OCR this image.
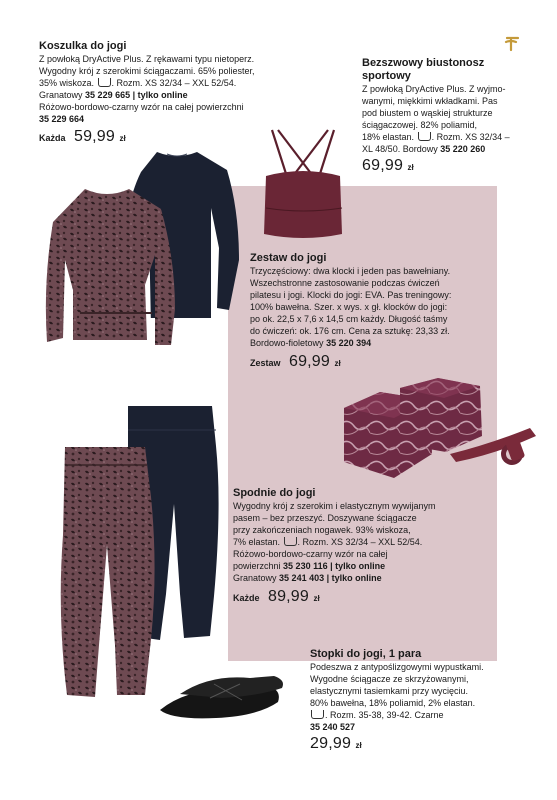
Koszulka do jogi
Z powłoką DryActive Plus. Z rękawami typu nietoperz.
Wygodny krój z szerokimi ściągaczami. 65% poliester,
35% wiskoza. . Rozm. XS 32/34 – XXL 52/54.
Granatowy 35 229 665 | tylko online
Różowo-bordowo-czarny wzór na całej powierzchni
35 229 664
Każda 59,99 zł
Bezszwowy biustonosz
sportowy
Z powłoką DryActive Plus. Z wyjmo-
wanymi, miękkimi wkładkami. Pas
pod biustem o wąskiej strukturze
ściągaczowej. 82% poliamid,
18% elastan. . Rozm. XS 32/34 –
XL 48/50. Bordowy 35 220 260
69,99 zł
Zestaw do jogi
Trzyczęściowy: dwa klocki i jeden pas bawełniany.
Wszechstronne zastosowanie podczas ćwiczeń
pilatesu i jogi. Klocki do jogi: EVA. Pas treningowy:
100% bawełna. Szer. x wys. x gł. klocków do jogi:
po ok. 22,5 x 7,6 x 14,5 cm każdy. Długość taśmy
do ćwiczeń: ok. 176 cm. Cena za sztukę: 23,33 zł.
Bordowo-fioletowy 35 220 394
Zestaw 69,99 zł
Spodnie do jogi
Wygodny krój z szerokim i elastycznym wywijanym
pasem – bez przeszyć. Doszywane ściągacze
przy zakończeniach nogawek. 93% wiskoza,
7% elastan. . Rozm. XS 32/34 – XXL 52/54.
Różowo-bordowo-czarny wzór na całej
powierzchni 35 230 116 | tylko online
Granatowy 35 241 403 | tylko online
Każde 89,99 zł
Stopki do jogi, 1 para
Podeszwa z antypoślizgowymi wypustkami.
Wygodne ściągacze ze skrzyżowanymi,
elastycznymi tasiemkami przy wycięciu.
80% bawełna, 18% poliamid, 2% elastan.
. Rozm. 35-38, 39-42. Czarne
35 240 527
29,99 zł
